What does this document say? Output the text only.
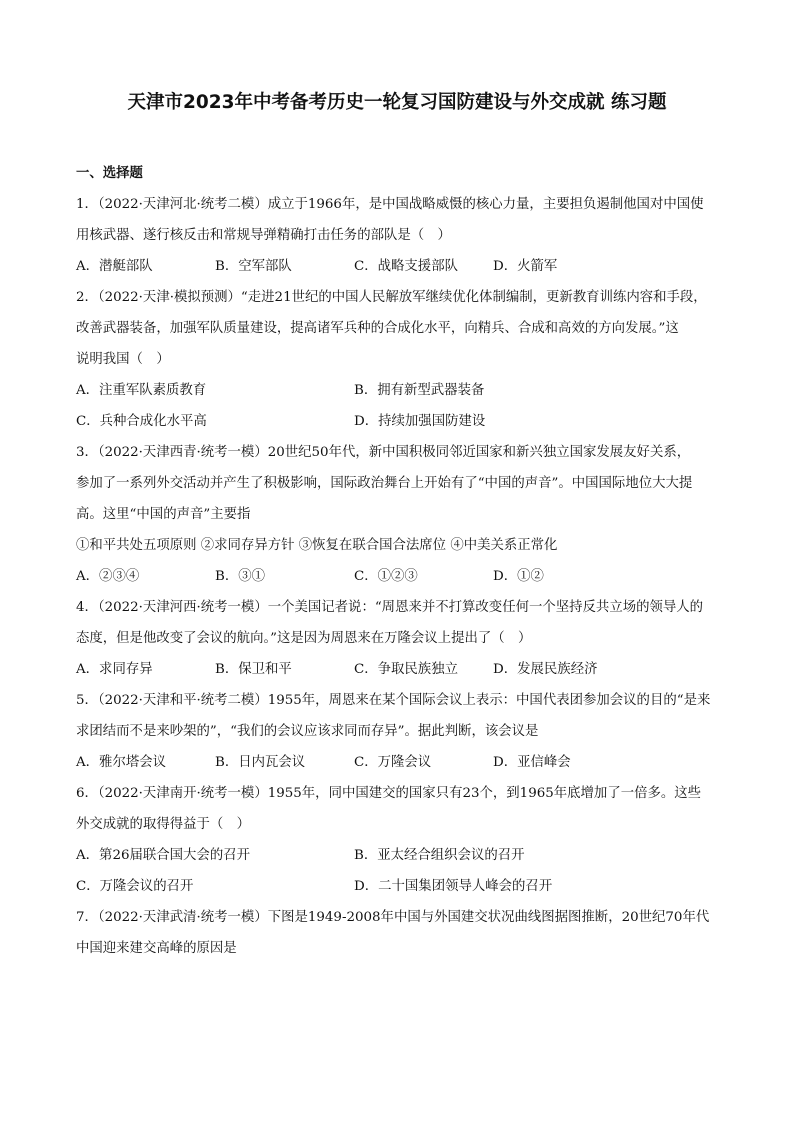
天津市2023年中考备考历史一轮复习国防建设与外交成就 练习题
一、选择题
1．（2022·天津河北·统考二模）成立于1966年，是中国战略威慑的核心力量，主要担负遏制他国对中国使
用核武器、遂行核反击和常规导弹精确打击任务的部队是（　）
A．潜艇部队	B．空军部队	C．战略支援部队	D．火箭军
2．（2022·天津·模拟预测）“走进21世纪的中国人民解放军继续优化体制编制，更新教育训练内容和手段，
改善武器装备，加强军队质量建设，提高诸军兵种的合成化水平，向精兵、合成和高效的方向发展。”这
说明我国（　）
A．注重军队素质教育	B．拥有新型武器装备
C．兵种合成化水平高	D．持续加强国防建设
3．（2022·天津西青·统考一模）20世纪50年代，新中国积极同邻近国家和新兴独立国家发展友好关系，
参加了一系列外交活动并产生了积极影响，国际政治舞台上开始有了“中国的声音”。中国国际地位大大提
高。这里“中国的声音”主要指
①和平共处五项原则 ②求同存异方针 ③恢复在联合国合法席位 ④中美关系正常化
A．②③④	B．③①	C．①②③	D．①②
4．（2022·天津河西·统考一模）一个美国记者说：“周恩来并不打算改变任何一个坚持反共立场的领导人的
态度，但是他改变了会议的航向。”这是因为周恩来在万隆会议上提出了（　）
A．求同存异	B．保卫和平	C．争取民族独立	D．发展民族经济
5．（2022·天津和平·统考二模）1955年，周恩来在某个国际会议上表示：中国代表团参加会议的目的“是来
求团结而不是来吵架的”，“我们的会议应该求同而存异”。据此判断，该会议是
A．雅尔塔会议	B．日内瓦会议	C．万隆会议	D．亚信峰会
6．（2022·天津南开·统考一模）1955年，同中国建交的国家只有23个，到1965年底增加了一倍多。这些
外交成就的取得得益于（　）
A．第26届联合国大会的召开	B．亚太经合组织会议的召开
C．万隆会议的召开	D．二十国集团领导人峰会的召开
7．（2022·天津武清·统考一模）下图是1949-2008年中国与外国建交状况曲线图据图推断，20世纪70年代
中国迎来建交高峰的原因是
